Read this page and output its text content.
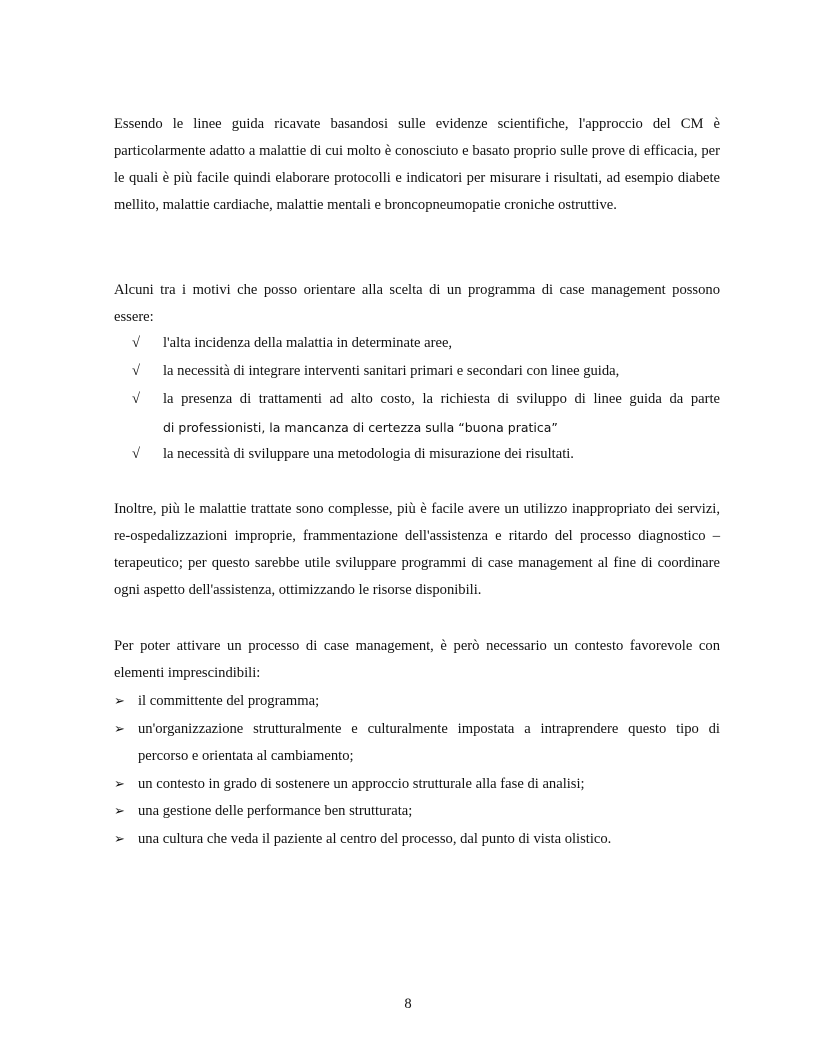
Essendo le linee guida ricavate basandosi sulle evidenze scientifiche, l'approccio del CM è particolarmente adatto a malattie di cui molto è conosciuto e basato proprio sulle prove di efficacia, per le quali è più facile quindi elaborare protocolli e indicatori per misurare i risultati, ad esempio diabete mellito, malattie cardiache, malattie mentali e broncopneumopatie croniche ostruttive.

Alcuni tra i motivi che posso orientare alla scelta di un programma di case management possono essere:

√ l'alta incidenza della malattia in determinate aree,
√ la necessità di integrare interventi sanitari primari e secondari con linee guida,
√ la presenza di trattamenti ad alto costo, la richiesta di sviluppo di linee guida da parte
di professionisti, la mancanza di certezza sulla “buona pratica”
√ la necessità di sviluppare una metodologia di misurazione dei risultati.

Inoltre, più le malattie trattate sono complesse, più è facile avere un utilizzo inappropriato dei servizi, re-ospedalizzazioni improprie, frammentazione dell'assistenza e ritardo del processo diagnostico – terapeutico; per questo sarebbe utile sviluppare programmi di case management al fine di coordinare ogni aspetto dell'assistenza, ottimizzando le risorse disponibili.

Per poter attivare un processo di case management, è però necessario un contesto favorevole con elementi imprescindibili:

➢ il committente del programma;
➢ un'organizzazione strutturalmente e culturalmente impostata a intraprendere questo tipo di
percorso e orientata al cambiamento;
➢ un contesto in grado di sostenere un approccio strutturale alla fase di analisi;
➢ una gestione delle performance ben strutturata;
➢ una cultura che veda il paziente al centro del processo, dal punto di vista olistico.
8
